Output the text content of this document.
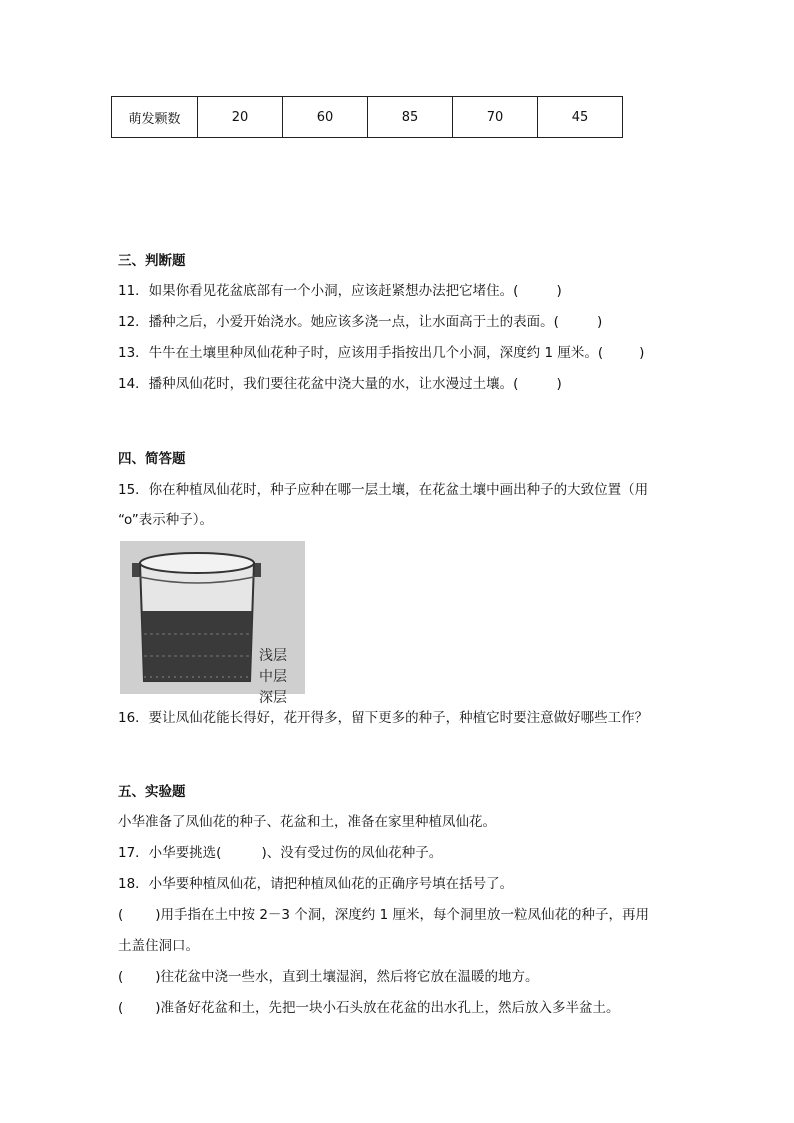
萌发颗数	20	60	85	70	45
三、判断题
11．如果你看见花盆底部有一个小洞，应该赶紧想办法把它堵住。(	)
12．播种之后，小爱开始浇水。她应该多浇一点，让水面高于土的表面。(	)
13．牛牛在土壤里种凤仙花种子时，应该用手指按出几个小洞，深度约 1 厘米。(	)
14．播种凤仙花时，我们要往花盆中浇大量的水，让水漫过土壤。(	)
四、简答题
15．你在种植凤仙花时，种子应种在哪一层土壤，在花盆土壤中画出种子的大致位置（用
“o”表示种子）。
浅层
中层
深层
16．要让凤仙花能长得好，花开得多，留下更多的种子，种植它时要注意做好哪些工作？
五、实验题
小华准备了凤仙花的种子、花盆和土，准备在家里种植凤仙花。
17．小华要挑选(	)、没有受过伤的凤仙花种子。
18．小华要种植凤仙花，请把种植凤仙花的正确序号填在括号了。
( )用手指在土中按 2－3 个洞，深度约 1 厘米，每个洞里放一粒凤仙花的种子，再用
土盖住洞口。
( )往花盆中浇一些水，直到土壤湿润，然后将它放在温暖的地方。
( )准备好花盆和土，先把一块小石头放在花盆的出水孔上，然后放入多半盆土。
